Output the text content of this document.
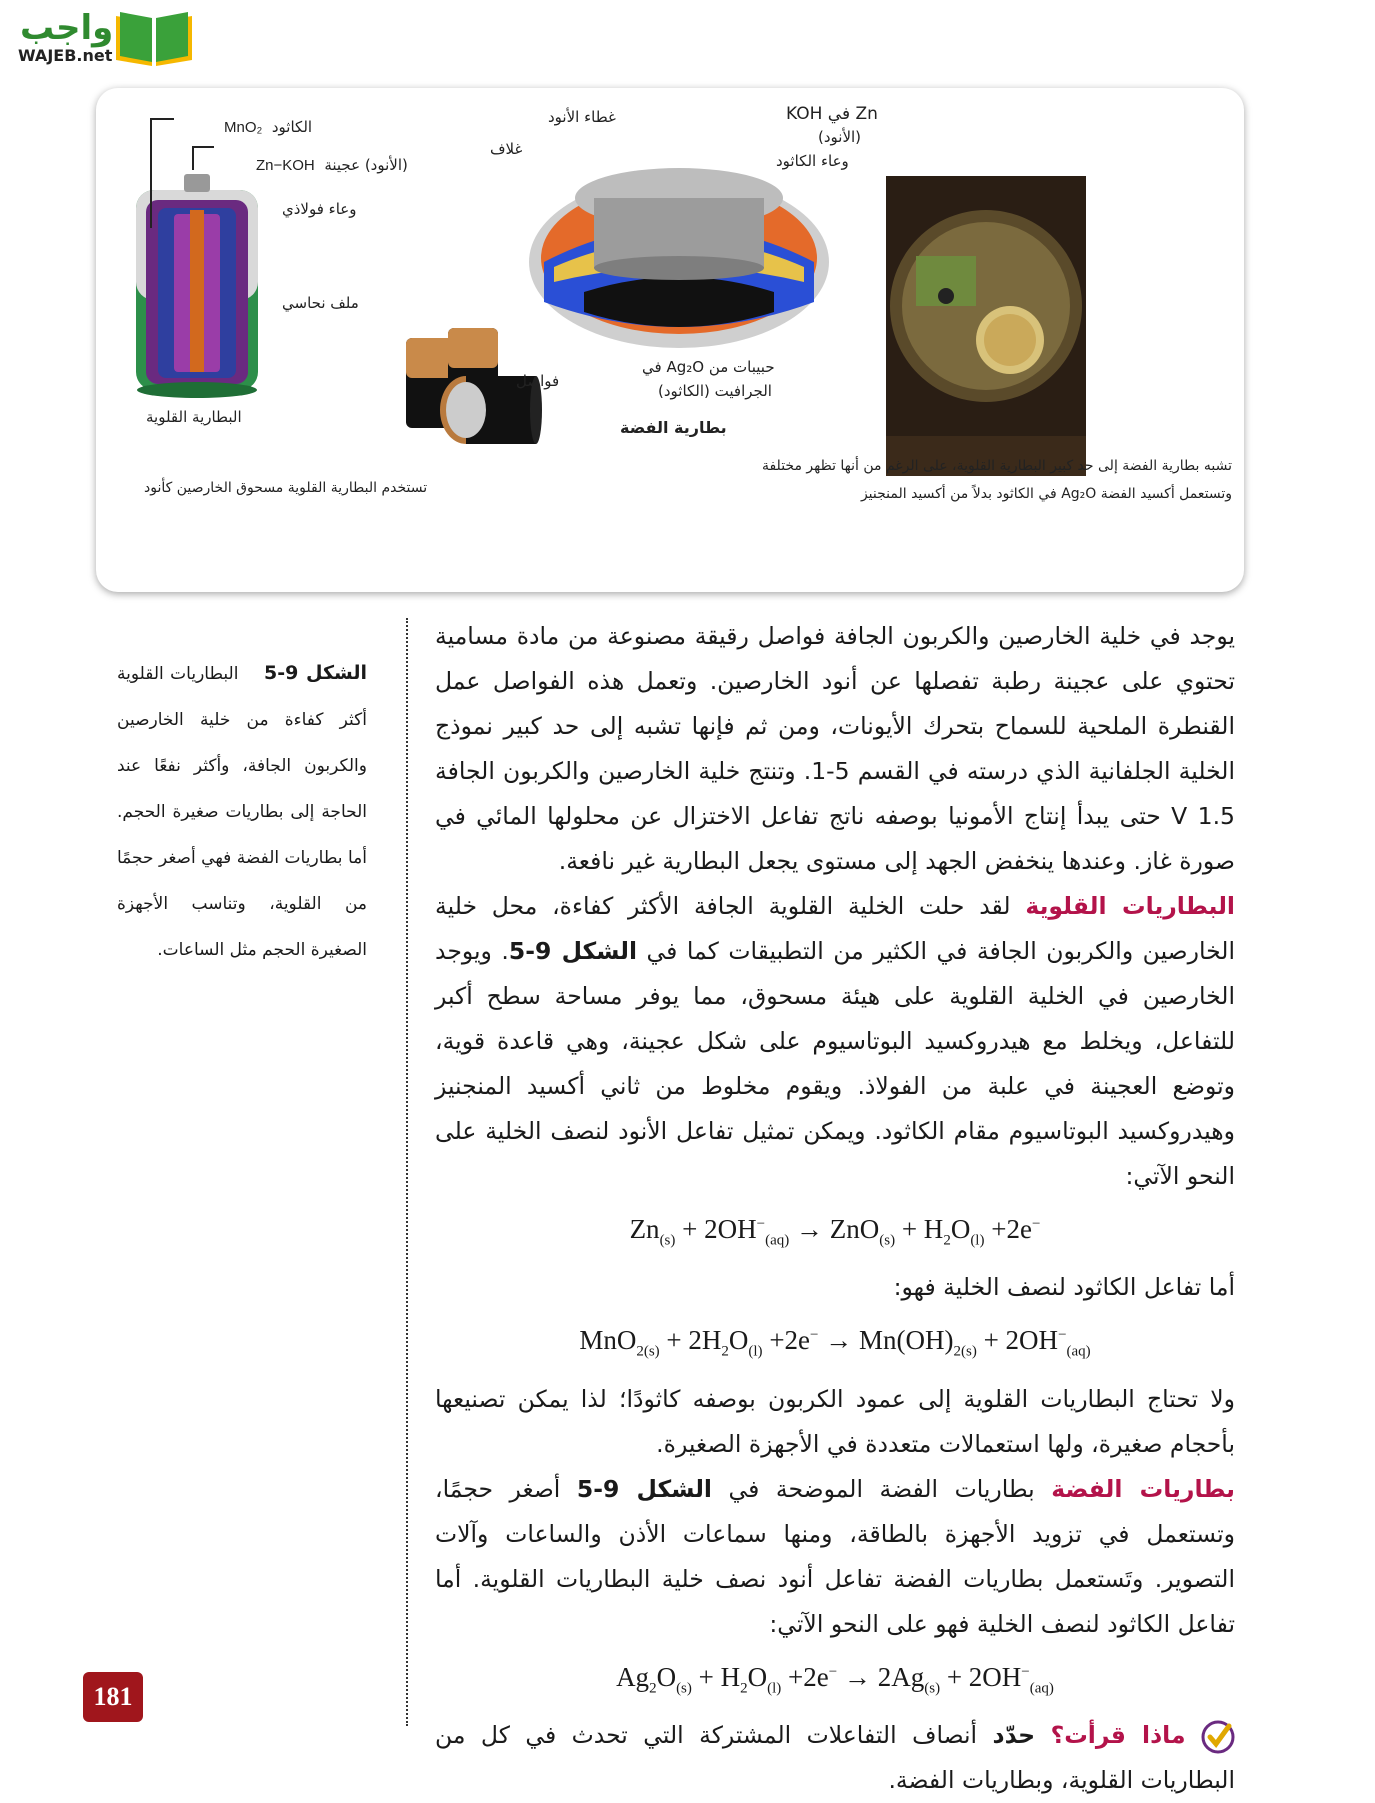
واجب
WAJEB.net
الكاثود  MnO₂
(الأنود) عجينة  Zn−KOH
وعاء فولاذي
ملف نحاسي
البطارية القلوية
بطارية الفضة
غطاء الأنود	Zn في KOH
(الأنود)
غلاف
وعاء الكاثود
فواصل
حبيبات من Ag₂O في
الجرافيت (الكاثود)
تستخدم البطارية القلوية مسحوق الخارصين كأنود
تشبه بطارية الفضة إلى حد كبير البطارية القلوية، على الرغم من أنها تظهر مختلفة
وتستعمل أكسيد الفضة Ag₂O في الكاثود بدلاً من أكسيد المنجنيز
الشكل 9-5    البطاريات القلوية أكثر كفاءة من خلية الخارصين والكربون الجافة، وأكثر نفعًا عند الحاجة إلى بطاريات صغيرة الحجم. أما بطاريات الفضة فهي أصغر حجمًا من القلوية، وتناسب الأجهزة الصغيرة الحجم مثل الساعات.

يوجد في خلية الخارصين والكربون الجافة فواصل رقيقة مصنوعة من مادة مسامية تحتوي على عجينة رطبة تفصلها عن أنود الخارصين. وتعمل هذه الفواصل عمل القنطرة الملحية للسماح بتحرك الأيونات، ومن ثم فإنها تشبه إلى حد كبير نموذج الخلية الجلفانية الذي درسته في القسم 5-1. وتنتج خلية الخارصين والكربون الجافة 1.5 V حتى يبدأ إنتاج الأمونيا بوصفه ناتج تفاعل الاختزال عن محلولها المائي في صورة غاز. وعندها ينخفض الجهد إلى مستوى يجعل البطارية غير نافعة.

البطاريات القلوية لقد حلت الخلية القلوية الجافة الأكثر كفاءة، محل خلية الخارصين والكربون الجافة في الكثير من التطبيقات كما في الشكل 9-5. ويوجد الخارصين في الخلية القلوية على هيئة مسحوق، مما يوفر مساحة سطح أكبر للتفاعل، ويخلط مع هيدروكسيد البوتاسيوم على شكل عجينة، وهي قاعدة قوية، وتوضع العجينة في علبة من الفولاذ. ويقوم مخلوط من ثاني أكسيد المنجنيز وهيدروكسيد البوتاسيوم مقام الكاثود. ويمكن تمثيل تفاعل الأنود لنصف الخلية على النحو الآتي:

$Zn_{(s)} + 2OH^-_{(aq)} \to ZnO_{(s)} + H_2O_{(l)} +2e^-$

أما تفاعل الكاثود لنصف الخلية فهو:

$MnO_{2(s)} + 2H_2O_{(l)} +2e^- \to Mn(OH)_{2(s)} + 2OH^-_{(aq)}$

ولا تحتاج البطاريات القلوية إلى عمود الكربون بوصفه كاثودًا؛ لذا يمكن تصنيعها بأحجام صغيرة، ولها استعمالات متعددة في الأجهزة الصغيرة.

بطاريات الفضة بطاريات الفضة الموضحة في الشكل 9-5 أصغر حجمًا، وتستعمل في تزويد الأجهزة بالطاقة، ومنها سماعات الأذن والساعات وآلات التصوير. وتَستعمل بطاريات الفضة تفاعل أنود نصف خلية البطاريات القلوية. أما تفاعل الكاثود لنصف الخلية فهو على النحو الآتي:

$Ag_2O_{(s)} + H_2O_{(l)} +2e^- \to 2Ag_{(s)} + 2OH^-_{(aq)}$

ماذا قرأت؟ حدّد أنصاف التفاعلات المشتركة التي تحدث في كل من البطاريات القلوية، وبطاريات الفضة.

181
